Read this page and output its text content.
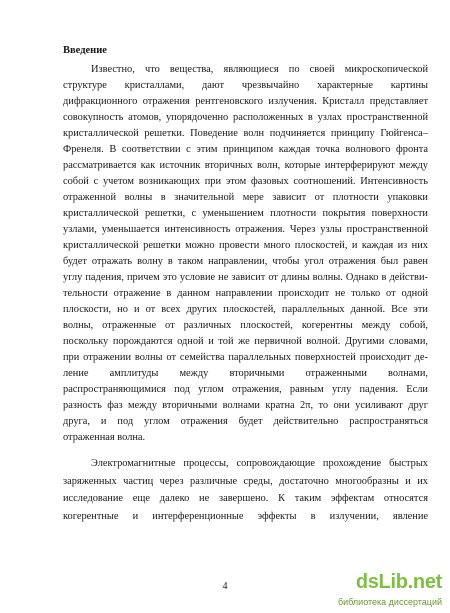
Введение
Известно, что вещества, являющиеся по своей микроскопической
структуре кристаллами, дают чрезвычайно характерные картины
дифракционного отражения рентгеновского излучения. Кристалл представляет
совокупность атомов, упорядоченно расположенных в узлах пространственной
кристаллической решетки. Поведение волн подчиняется принципу Гюйгенса–
Френеля. В соответствии с этим принципом каждая точка волнового фронта
рассматривается как источник вторичных волн, которые интерферируют между
собой с учетом возникающих при этом фазовых соотношений. Интенсивность
отраженной волны в значительной мере зависит от плотности упаковки
кристаллической решетки, с уменьшением плотности покрытия поверхности
узлами, уменьшается интенсивность отражения. Через узлы пространственной
кристаллической решетки можно провести много плоскостей, и каждая из них
будет отражать волну в таком направлении, чтобы угол отражения был равен
углу падения, причем это условие не зависит от длины волны. Однако в действи-
тельности отражение в данном направлении происходит не только от одной
плоскости, но и от всех других плоскостей, параллельных данной. Все эти
волны, отраженные от различных плоскостей, когерентны между собой,
поскольку порождаются одной и той же первичной волной. Другими словами,
при отражении волны от семейства параллельных поверхностей происходит де-
ление амплитуды между вторичными отраженными волнами,
распространяющимися под углом отражения, равным углу падения. Если
разность фаз между вторичными волнами кратна 2π, то они усиливают друг
друга, и под углом отражения будет действительно распространяться
отраженная волна.
Электромагнитные процессы, сопровождающие прохождение быстрых
заряженных частиц через различные среды, достаточно многообразны и их
исследование еще далеко не завершено. К таким эффектам относятся
когерентные и интерференционные эффекты в излучении, явление
4	dsLib.net
библиотека диссертаций
